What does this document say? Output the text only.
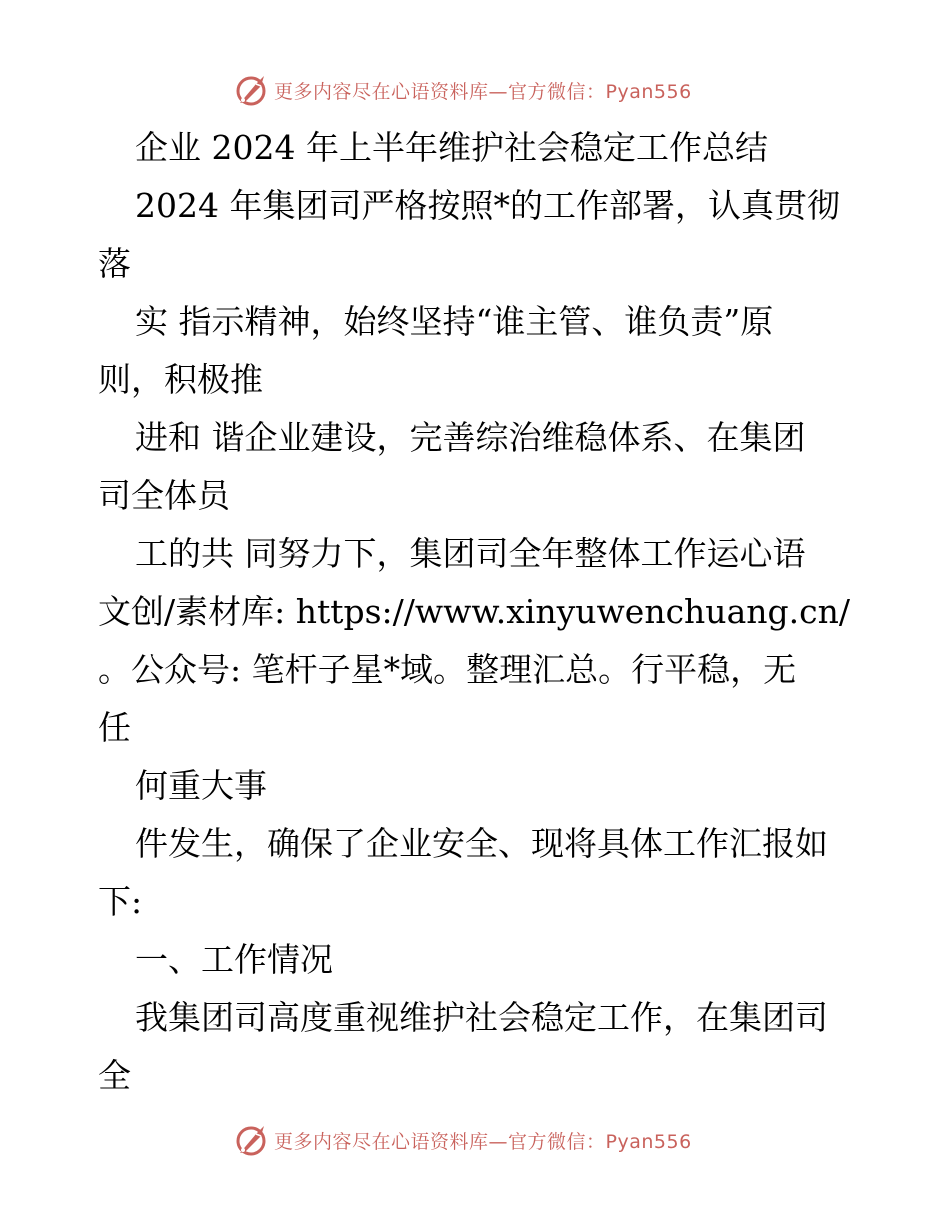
更多内容尽在心语资料库—官方微信：Pyan556
企业 2024 年上半年维护社会稳定工作总结
2024 年集团司严格按照*的工作部署，认真贯彻
落
实 指示精神，始终坚持“谁主管、谁负责”原
则，积极推
进和 谐企业建设，完善综治维稳体系、在集团
司全体员
工的共 同努力下，集团司全年整体工作运心语
文创/素材库: https://www.xinyuwenchuang.cn/
。公众号: 笔杆子星*域。整理汇总。行平稳，无
任
何重大事
件发生，确保了企业安全、现将具体工作汇报如
下:
一、工作情况
我集团司高度重视维护社会稳定工作，在集团司
全
更多内容尽在心语资料库—官方微信：Pyan556
